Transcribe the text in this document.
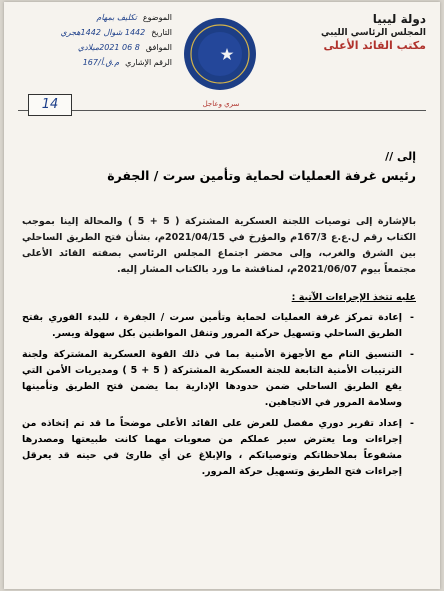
دولة ليبيا
المجلس الرئاسي الليبي
مكتب القائد الأعلى
سري وعاجل
الموضوع
تكليف بمهام
التاريخ
1442 شوال 1442هجري
الموافق
8 06 2021ميلادي
الرقم الإشاري
م.ق.أ/167
14
إلى //
رئيس غرفة العمليات لحماية وتأمين سرت / الجفرة
بالإشارة إلى توصيات اللجنة العسكرية المشتركة ( 5 + 5 ) والمحالة إلينا بموجب الكتاب رقم ل.ع.ع 167/3م والمؤرخ في 2021/04/15م، بشأن فتح الطريق الساحلي بين الشرق والغرب، وإلى محضر اجتماع المجلس الرئاسي بصفته القائد الأعلى مجتمعاً بيوم 2021/06/07م، لمناقشة ما ورد بالكتاب المشار إليه.
عليه تتخذ الإجراءات الآتية :
- إعادة تمركز غرفة العمليات لحماية وتأمين سرت / الجفرة ، للبدء الفوري بفتح الطريق الساحلي وتسهيل حركة المرور وتنقل المواطنين بكل سهولة ويسر.
- التنسيق التام مع الأجهزة الأمنية بما في ذلك القوة العسكرية المشتركة ولجنة الترتيبات الأمنية التابعة للجنة العسكرية المشتركة ( 5 + 5 ) ومديريات الأمن التي يقع الطريق الساحلي ضمن حدودها الإدارية بما يضمن فتح الطريق وتأمينها وسلامة المرور في الاتجاهين.
- إعداد تقرير دوري مفصل للعرض على القائد الأعلى موضحاً ما قد تم إتخاذه من إجراءات وما يعترض سير عملكم من صعوبات مهما كانت طبيعتها ومصدرها مشفوعاً بملاحظاتكم وتوصياتكم ، والإبلاغ عن أي طارئ في حينه قد يعرقل إجراءات فتح الطريق وتسهيل حركة المرور.
